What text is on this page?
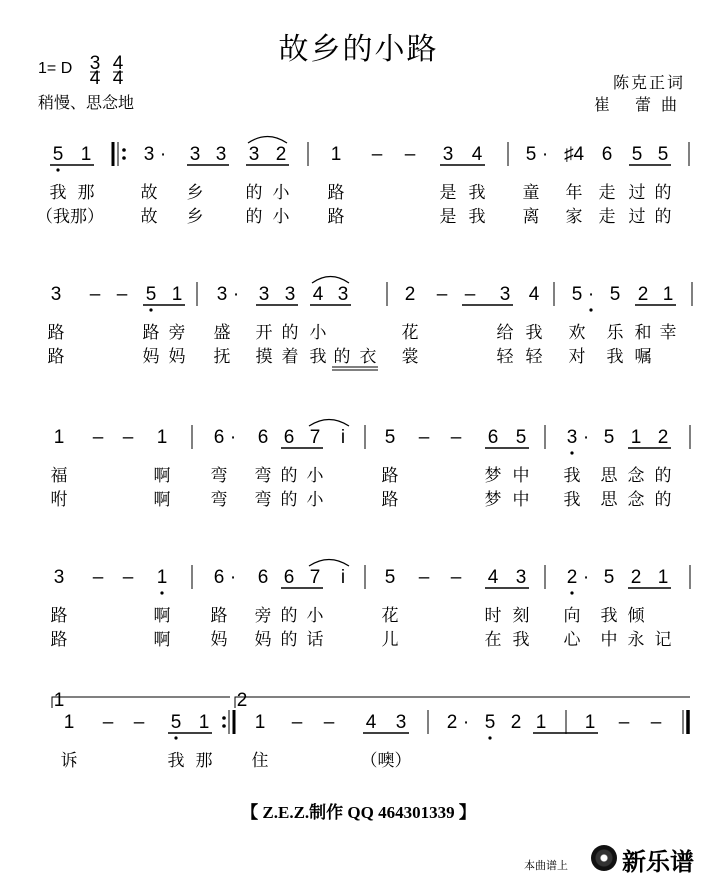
故乡的小路
1= D
稍慢、思念地
陈克正词
崔 蕾曲
3
4
4
4
5 1	3 · 3 3 3 2 1 – – 3 4 5 · ♯4 6 5 5
我 那	故 乡 的 小 路	是 我 童 年 走 过 的
（我那） 故 乡 的 小 路	是 我 离 家 走 过 的
3 – – 5 1 3 · 3 3 4 3	2 – – 3 4 5 · 5 2 1
路	路 旁 盛 开 的 小	花	给 我 欢 乐 和 幸
路	妈 妈 抚 摸 着 我 的 衣 裳	轻 轻 对 我 嘱
1 – – 1 6 · 6 6 7 i 5 – – 6 5 3 · 5 1 2
福	啊 弯 弯 的 小	路	梦 中 我 思 念 的
咐	啊 弯 弯 的 小	路	梦 中 我 思 念 的
3 – – 1 6 · 6 6 7 i 5 – – 4 3 2 · 5 2 1
路	啊 路 旁 的 小	花	时 刻 向 我 倾
路	啊 妈 妈 的 话	儿	在 我 心 中 永 记
1 – – 5 1 1 – – 4 3 2 · 5 2 1 1 – –
诉	我 那 住	（噢）
1	2
【 Z.E.Z.制作 QQ 464301339 】
本曲谱上 新乐谱
